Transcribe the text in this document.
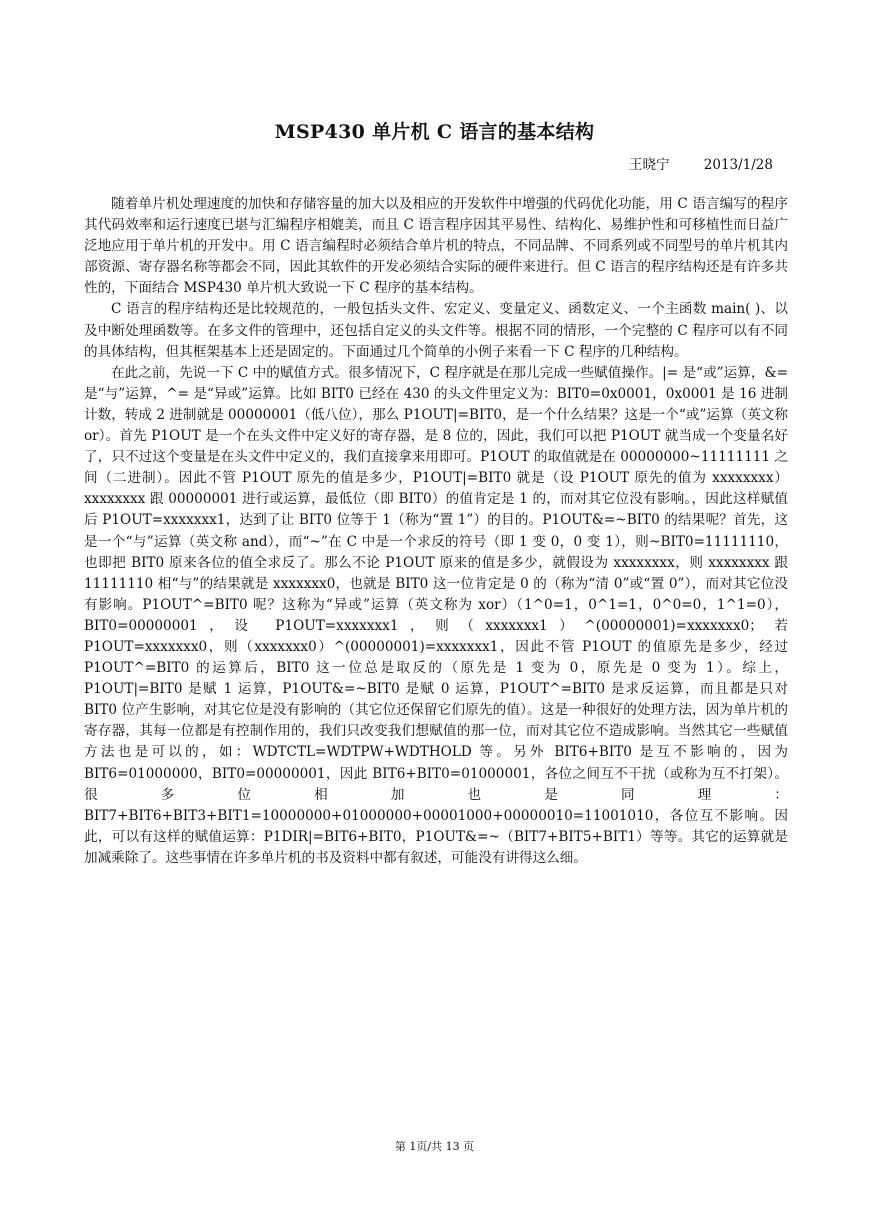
MSP430 单片机 C 语言的基本结构
王晓宁	2013/1/28

随着单片机处理速度的加快和存储容量的加大以及相应的开发软件中增强的代码优化功能，用 C 语言编写的程序其代码效率和运行速度已堪与汇编程序相媲美，而且 C 语言程序因其平易性、结构化、易维护性和可移植性而日益广泛地应用于单片机的开发中。用 C 语言编程时必须结合单片机的特点，不同品牌、不同系列或不同型号的单片机其内部资源、寄存器名称等都会不同，因此其软件的开发必须结合实际的硬件来进行。但 C 语言的程序结构还是有许多共性的，下面结合 MSP430 单片机大致说一下 C 程序的基本结构。

C 语言的程序结构还是比较规范的，一般包括头文件、宏定义、变量定义、函数定义、一个主函数 main( )、以及中断处理函数等。在多文件的管理中，还包括自定义的头文件等。根据不同的情形，一个完整的 C 程序可以有不同的具体结构，但其框架基本上还是固定的。下面通过几个简单的小例子来看一下 C 程序的几种结构。

在此之前，先说一下 C 中的赋值方式。很多情况下，C 程序就是在那儿完成一些赋值操作。|= 是“或”运算，&=是“与”运算，^= 是“异或”运算。比如 BIT0 已经在 430 的头文件里定义为：BIT0=0x0001，0x0001 是 16 进制计数，转成 2 进制就是 00000001（低八位），那么 P1OUT|=BIT0，是一个什么结果？这是一个“或”运算（英文称 or）。首先 P1OUT 是一个在头文件中定义好的寄存器，是 8 位的，因此，我们可以把 P1OUT 就当成一个变量名好了，只不过这个变量是在头文件中定义的，我们直接拿来用即可。P1OUT 的取值就是在 00000000~11111111 之间（二进制）。因此不管 P1OUT 原先的值是多少，P1OUT|=BIT0 就是（设 P1OUT 原先的值为 xxxxxxxx）xxxxxxxx 跟 00000001 进行或运算，最低位（即 BIT0）的值肯定是 1 的，而对其它位没有影响。，因此这样赋值后 P1OUT=xxxxxxx1，达到了让 BIT0 位等于 1（称为“置 1”）的目的。P1OUT&=~BIT0 的结果呢？首先，这是一个“与”运算（英文称 and），而“~”在 C 中是一个求反的符号（即 1 变 0，0 变 1），则~BIT0=11111110，也即把 BIT0 原来各位的值全求反了。那么不论 P1OUT 原来的值是多少，就假设为 xxxxxxxx，则 xxxxxxxx 跟 11111110 相“与”的结果就是 xxxxxxx0，也就是 BIT0 这一位肯定是 0 的（称为“清 0”或“置 0”），而对其它位没有影响。P1OUT^=BIT0 呢？这称为“异或”运算（英文称为 xor）（1^0=1，0^1=1，0^0=0，1^1=0），BIT0=00000001，设 P1OUT=xxxxxxx1，则（xxxxxxx1）^(00000001)=xxxxxxx0；若 P1OUT=xxxxxxx0，则（xxxxxxx0）^(00000001)=xxxxxxx1，因此不管 P1OUT 的值原先是多少，经过 P1OUT^=BIT0 的运算后，BIT0 这一位总是取反的（原先是 1 变为 0，原先是 0 变为 1）。综上，P1OUT|=BIT0 是赋 1 运算，P1OUT&=~BIT0 是赋 0 运算，P1OUT^=BIT0 是求反运算，而且都是只对 BIT0 位产生影响，对其它位是没有影响的（其它位还保留它们原先的值）。这是一种很好的处理方法，因为单片机的寄存器，其每一位都是有控制作用的，我们只改变我们想赋值的那一位，而对其它位不造成影响。当然其它一些赋值方法也是可以的，如：WDTCTL=WDTPW+WDTHOLD 等。另外 BIT6+BIT0 是互不影响的，因为 BIT6=01000000，BIT0=00000001，因此 BIT6+BIT0=01000001，各位之间互不干扰（或称为互不打架）。很多位相加也是同理：BIT7+BIT6+BIT3+BIT1=10000000+01000000+00001000+00000010=11001010，各位互不影响。因此，可以有这样的赋值运算：P1DIR|=BIT6+BIT0，P1OUT&=~（BIT7+BIT5+BIT1）等等。其它的运算就是加减乘除了。这些事情在许多单片机的书及资料中都有叙述，可能没有讲得这么细。

第 1页/共 13 页
